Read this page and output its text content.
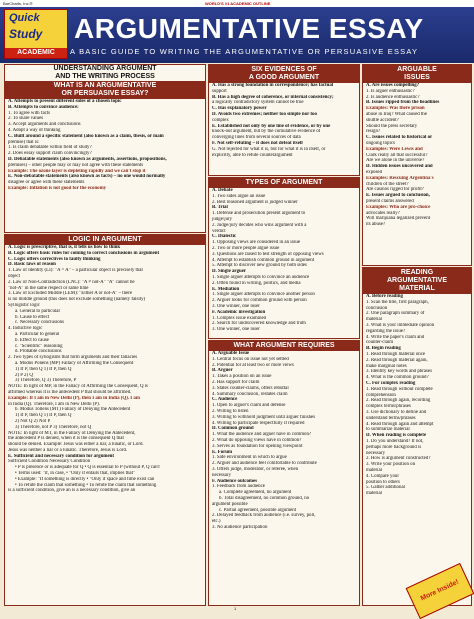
BarCharts, Inc.®	WORLD'S #1 ACADEMIC OUTLINE
Quick
Study
ACADEMIC
ARGUMENTATIVE ESSAY
A BASIC GUIDE TO WRITING THE ARGUMENTATIVE OR PERSUASIVE ESSAY
UNDERSTANDING ARGUMENT
AND THE WRITING PROCESS
WHAT IS AN ARGUMENTATIVE
OR PERSUASIVE ESSAY?
A. Attempts to present different sides of a chosen topic
B. Attempts to convince audience:
1. To agree with facts
2. To share values
3. Accept arguments and conclusions
4. Adopt a way of thinking
C. Built around a specific statement (also known as a claim, thesis, or main
premise) that is:
1. Is claim debatable within field of study?
2. Does essay support claim convincingly?
D. Debatable statements (also known as arguments, assertions, propositions,
premises) – other people may or may not agree with these statements
Example: The ozone layer is depleting rapidly and we can't stop it
E. Non-debatable statements (also known as facts) – no one would normally
disagree or agree with these statements
Example: Inflation is not good for the economy
LOGIC IN ARGUMENT
A. Logic is prescriptive, that is, it tells us how to think
B. Logic offers basic rules for coming to correct conclusions in argument
C. Logic offers correctives to faulty thinking
D. Basic laws of reason
1. Law of Identity (LI): "A = A" – a particular object is precisely that
object
2. Law of Non-Contradiction (LNC): "A ≠ not-A" "A" cannot be
"not-A" in the same respect or same time
3. Law of Excluded Middle (LEM): "Either A or not-A" – there
is no middle ground (this does not exclude something (namely falsity)
Syllogistic logic
a. General to particular
b. Cause to effect
c. Necessary conclusions
4. Inductive logic
a. Particular to general
b. Effect to cause
c. "Scientific" reasoning
d. Probable conclusions
2. Two types of syllogisms that form arguments and their fallacies
a. Modus Ponens (MP) Fallacy of Affirming the Consequent
1) If P, then Q 1) If P, then Q
2) P 2) Q
3) Therefore, Q 3) Therefore, P
NOTE: In light of MP, in the Fallacy of Affirming the Consequent, Q is
affirmed whereas it is the antecedent P that should be affirmed.
Example: If I am in New Delhi (P), then I am in India (Q). I am
in India (Q). Therefore, I am in New Delhi (P).
b. Modus Tollens (MT) Fallacy of Denying the Antecedent
1) If P, then Q 1) If P, then Q
2) Not Q 2) Not P
3) Therefore, not P 3) Therefore, not Q
NOTE: In light of MT, in the Fallacy of Denying the Antecedent,
the antecedent P is denied, when it is the consequent Q that
should be denied. Example: Jesus was either a liar, a lunatic, or Lord.
Jesus was neither a liar or a lunatic. Therefore, Jesus is Lord.
E. Sufficient and necessary condition for argument
Sufficient Condition Necessary Condition
• P is presence or is adequate for Q • Q is essential to P (without P, Q can't
• Terms used: "if, in case, • "Only if entails that, implies that"
• Example: "If something is directly • "Only if space and time exist can
• To refute the claim that something • To refute the claim that something
is a sufficient condition, give an is a necessary condition, give an
SIX EVIDENCES OF
A GOOD ARGUMENT
A. Has a strong foundation in correspondence; has factual
support
B. Has a high degree of coherence, or internal consistency;
a logically contradictory system cannot be true
C. Has explanatory power
D. Avoids two extremes; neither too simple nor too
complex
E. Established not only by one line of evidence, or by one
knock-out argument, but by the cumulative evidence of
converging lines from several sources of data
F. Not self-refuting – it does not defeat itself
G. Not rejected for what it is, but for what it is in itself, or
explicitly, able to refute counterargument
TYPES OF ARGUMENT
A. Debate
1. Two sides argue an issue
2. Best reasoned argument is judged winner
B. Trial
1. Defense and prosecution present argument to
judge/jury
2. Judge/jury decides who wins argument with a
verdict
C. Dialectic
1. Opposing views are considered in an issue
2. Two or more people argue issue
3. Questions are raised to test strength of opposing views
4. Attempt to establish common ground in argument
5. Attempt to discover new ground by both sides
D. Single arguer
1. Single arguer attempts to convince an audience
2. Often found in writing, politics, and media
E. Mediation
1. Single arguer attempts to convince another person
2. Arguer looks for common ground with person
3. One winner, one loser
F. Academic investigation
1. Complex issue examined
2. Search for undiscovered knowledge and truth
3. One winner, one loser
WHAT ARGUMENT REQUIRES
A. Arguable Issue
1. Central focus on issue not yet settled
2. Potential for at least two or more views
B. Arguer
1. Takes a position on an issue
2. Has support for claim
3. States counter-claims, offers rebuttal
4. Summary conclusion, restates claim
C. Audience
1. Open to arguer's claim and defense
2. Willing to listen
3. Willing to withhold judgment until arguer finishes
4. Willing to participate respectfully if required
D. Common ground
1. What the audience and arguer have in common?
2. What do opposing views have in common?
3. Serves as foundation for opening viewpoint
E. Forum
1. Safe environment in which to argue
2. Arguer and audience feel comfortable to contribute
3. Offers judge, moderator, or referee, when
necessary
F. Audience outcomes
1. Feedback from audience
a. Complete agreement, no argument
b. Total disagreement, no common ground, no
argument possible
c. Partial agreement, possible argument
2. Delayed feedback from audience (i.e. survey, poll,
etc.)
3. No audience participation
ARGUABLE
ISSUES
A. Are issues compelling?
1. Is arguer enthusiastic?
2. Is audience enthusiastic?
B. Issues ripped from the headlines
Examples: Was there prison
abuse in Iraq? What caused the
shuttle accident?
Should the press secretary
resign?
C. Issues related to historical or
ongoing topics
Examples: Were Lewis and
Clark really all that successful?
Are we alone in the universe?
D. Hidden issues uncovered and
exposed
Examples: Rescuing Argentina's
children of the street?
Are casinos rigged for profit?
E. Issues argued to conclusion,
present claims answered
Examples: Who are pro-choice
advocates really?
Will marijuana legalized prevent
its abuse?
READING
ARGUMENTATIVE
MATERIAL
A. Before reading
1. Scan the title, first paragraph,
conclusion
2. One paragraph summary of
material
3. What is your immediate opinion
regarding the issue?
4. Write the paper's claim and
counter-claim
B. Begin reading
1. Read through material once
2. Read through material again,
make marginal notes
3. Identify key words and phrases
4. What is the common ground?
C. For complex reading
1. Read through without complete
comprehension
2. Read through again, recording
complex terms/phrases
3. Use dictionary to define and
understand terms/phrases
4. Read through again and attempt
to summarize material
D. When reading is complete
1. Do you understand? If not,
perhaps more background is
necessary
2. How is argument constructed?
3. Write your position on
material
4. Compare your
position to others
5. Gather additional
material
More Inside!
1
